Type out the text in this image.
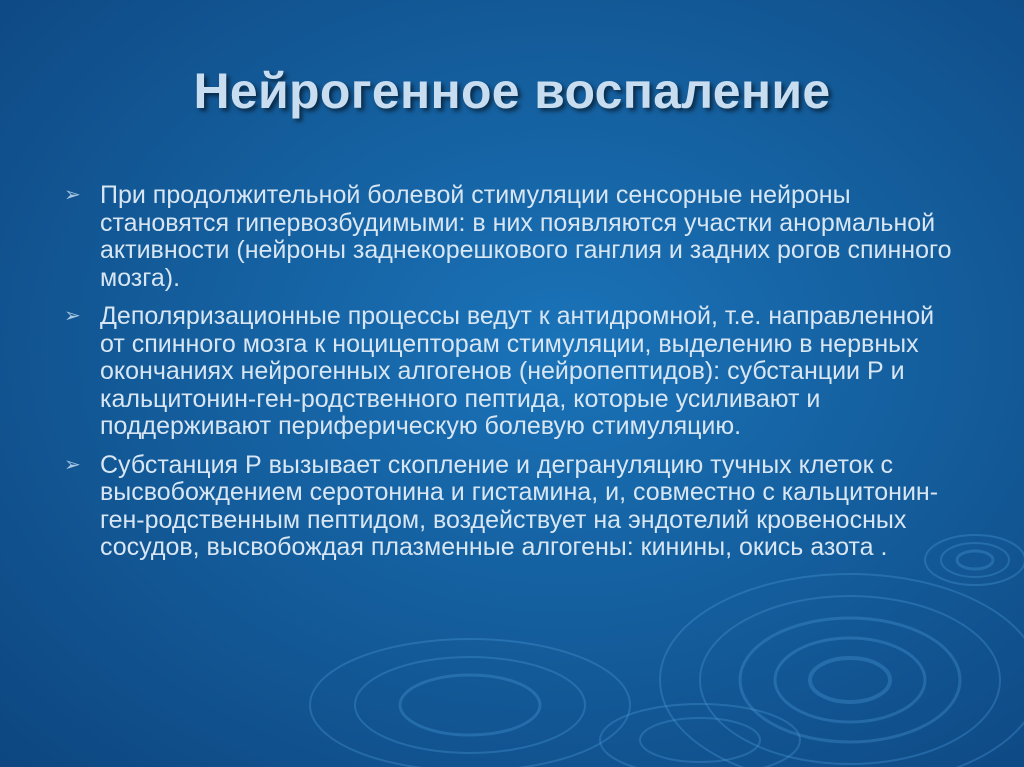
Нейрогенное воспаление
➢ При продолжительной болевой стимуляции сенсорные нейроны становятся гипервозбудимыми: в них появляются участки анормальной активности (нейроны заднекорешкового ганглия и задних рогов спинного мозга).
➢ Деполяризационные процессы ведут к антидромной, т.е. направленной от спинного мозга к ноцицепторам стимуляции, выделению в нервных окончаниях нейрогенных алгогенов (нейропептидов): субстанции Р и кальцитонин-ген-родственного пептида, которые усиливают и поддерживают периферическую болевую стимуляцию.
➢ Субстанция Р вызывает скопление и дегрануляцию тучных клеток с высвобождением серотонина и гистамина, и, совместно с кальцитонин-ген-родственным пептидом, воздействует на эндотелий кровеносных сосудов, высвобождая плазменные алгогены: кинины, окись азота .
